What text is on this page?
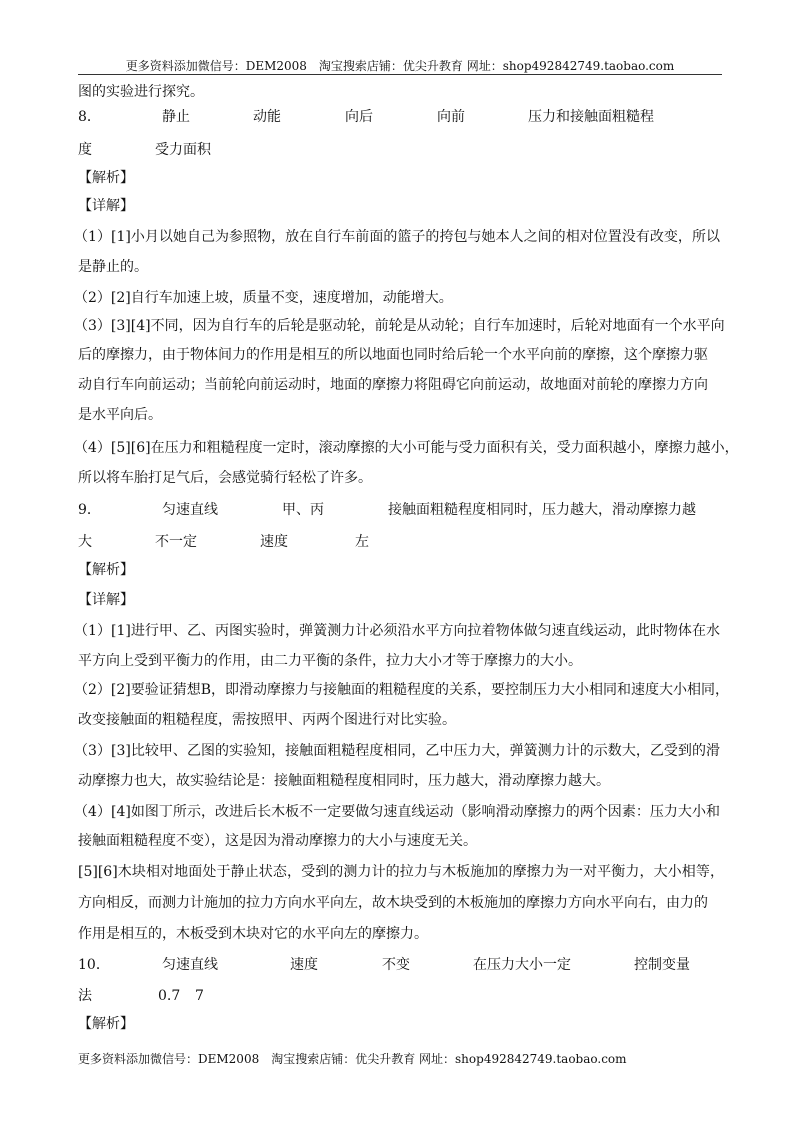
更多资料添加微信号：DEM2008　淘宝搜索店铺：优尖升教育 网址：shop492842749.taobao.com
图的实验进行探究。
8．	静止	动能	向后	向前	压力和接触面粗糙程
度	受力面积
【解析】
【详解】
（1）[1]小月以她自己为参照物，放在自行车前面的篮子的挎包与她本人之间的相对位置没有改变，所以
是静止的。
（2）[2]自行车加速上坡，质量不变，速度增加，动能增大。
（3）[3][4]不同，因为自行车的后轮是驱动轮，前轮是从动轮；自行车加速时，后轮对地面有一个水平向
后的摩擦力，由于物体间力的作用是相互的所以地面也同时给后轮一个水平向前的摩擦，这个摩擦力驱
动自行车向前运动；当前轮向前运动时，地面的摩擦力将阻碍它向前运动，故地面对前轮的摩擦力方向
是水平向后。
（4）[5][6]在压力和粗糙程度一定时，滚动摩擦的大小可能与受力面积有关，受力面积越小，摩擦力越小，
所以将车胎打足气后，会感觉骑行轻松了许多。
9．	匀速直线	甲、丙	接触面粗糙程度相同时，压力越大，滑动摩擦力越
大	不一定	速度	左
【解析】
【详解】
（1）[1]进行甲、乙、丙图实验时，弹簧测力计必须沿水平方向拉着物体做匀速直线运动，此时物体在水
平方向上受到平衡力的作用，由二力平衡的条件，拉力大小才等于摩擦力的大小。
（2）[2]要验证猜想B，即滑动摩擦力与接触面的粗糙程度的关系，要控制压力大小相同和速度大小相同，
改变接触面的粗糙程度，需按照甲、丙两个图进行对比实验。
（3）[3]比较甲、乙图的实验知，接触面粗糙程度相同，乙中压力大，弹簧测力计的示数大，乙受到的滑
动摩擦力也大，故实验结论是：接触面粗糙程度相同时，压力越大，滑动摩擦力越大。
（4）[4]如图丁所示，改进后长木板不一定要做匀速直线运动（影响滑动摩擦力的两个因素：压力大小和
接触面粗糙程度不变），这是因为滑动摩擦力的大小与速度无关。
[5][6]木块相对地面处于静止状态，受到的测力计的拉力与木板施加的摩擦力为一对平衡力，大小相等，
方向相反，而测力计施加的拉力方向水平向左，故木块受到的木板施加的摩擦力方向水平向右，由力的
作用是相互的，木板受到木块对它的水平向左的摩擦力。
10．	匀速直线	速度	不变	在压力大小一定	控制变量
法	0.7 7
【解析】
更多资料添加微信号：DEM2008　淘宝搜索店铺：优尖升教育 网址：shop492842749.taobao.com
